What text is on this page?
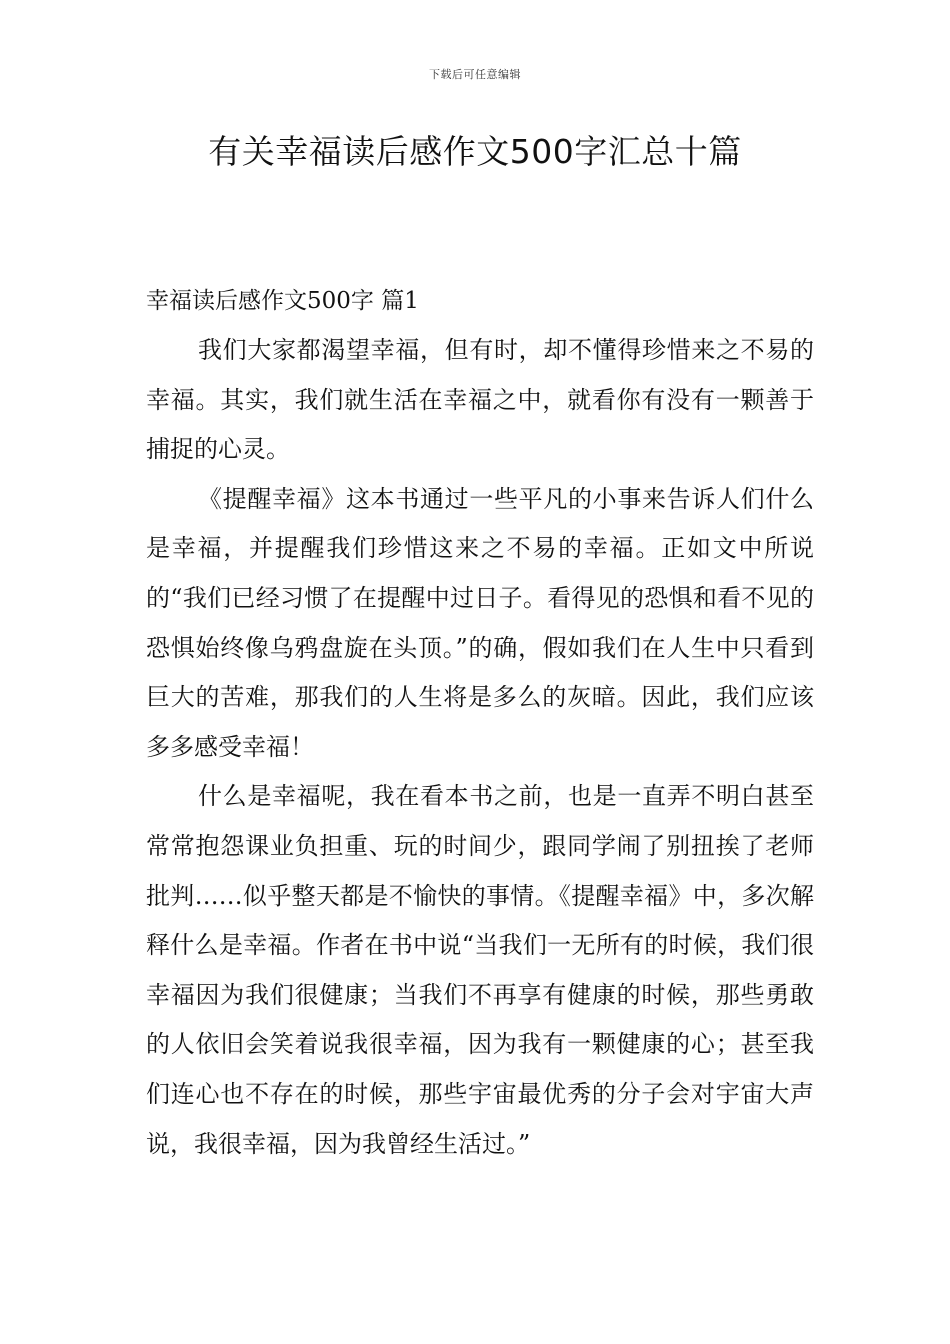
下载后可任意编辑
有关幸福读后感作文500字汇总十篇
幸福读后感作文500字 篇1

我们大家都渴望幸福，但有时，却不懂得珍惜来之不易的幸福。其实，我们就生活在幸福之中，就看你有没有一颗善于捕捉的心灵。

《提醒幸福》这本书通过一些平凡的小事来告诉人们什么是幸福，并提醒我们珍惜这来之不易的幸福。正如文中所说的“我们已经习惯了在提醒中过日子。看得见的恐惧和看不见的恐惧始终像乌鸦盘旋在头顶。”的确，假如我们在人生中只看到巨大的苦难，那我们的人生将是多么的灰暗。因此，我们应该多多感受幸福！

什么是幸福呢，我在看本书之前，也是一直弄不明白甚至常常抱怨课业负担重、玩的时间少，跟同学闹了别扭挨了老师批判……似乎整天都是不愉快的事情。《提醒幸福》中，多次解释什么是幸福。作者在书中说“当我们一无所有的时候，我们很幸福因为我们很健康；当我们不再享有健康的时候，那些勇敢的人依旧会笑着说我很幸福，因为我有一颗健康的心；甚至我们连心也不存在的时候，那些宇宙最优秀的分子会对宇宙大声说，我很幸福，因为我曾经生活过。”
